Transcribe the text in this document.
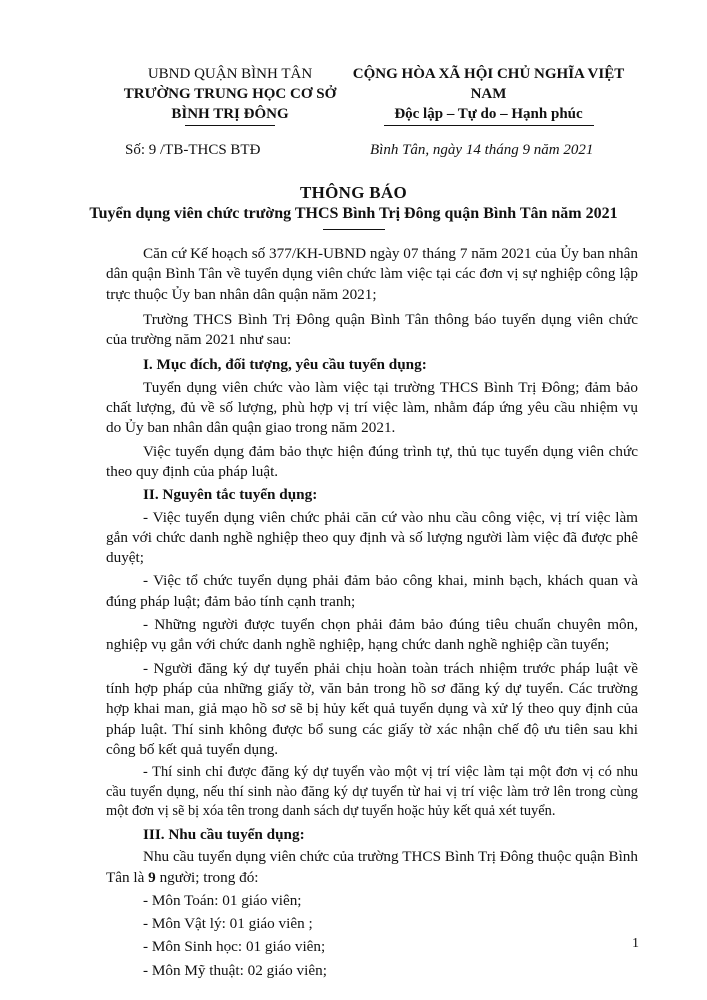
UBND QUẬN BÌNH TÂN
TRƯỜNG TRUNG HỌC CƠ SỞ
BÌNH TRỊ ĐÔNG
CỘNG HÒA XÃ HỘI CHỦ NGHĨA VIỆT NAM
Độc lập – Tự do – Hạnh phúc
Số: 9 /TB-THCS BTĐ	Bình Tân, ngày 14 tháng 9 năm 2021
THÔNG BÁO
Tuyển dụng viên chức trường THCS Bình Trị Đông quận Bình Tân năm 2021

Căn cứ Kế hoạch số 377/KH-UBND ngày 07 tháng 7 năm 2021 của Ủy ban nhân dân quận Bình Tân về tuyển dụng viên chức làm việc tại các đơn vị sự nghiệp công lập trực thuộc Ủy ban nhân dân quận năm 2021;

Trường THCS Bình Trị Đông quận Bình Tân thông báo tuyển dụng viên chức của trường năm 2021 như sau:

I. Mục đích, đối tượng, yêu cầu tuyển dụng:

Tuyển dụng viên chức vào làm việc tại trường THCS Bình Trị Đông; đảm bảo chất lượng, đủ về số lượng, phù hợp vị trí việc làm, nhằm đáp ứng yêu cầu nhiệm vụ do Ủy ban nhân dân quận giao trong năm 2021.

Việc tuyển dụng đảm bảo thực hiện đúng trình tự, thủ tục tuyển dụng viên chức theo quy định của pháp luật.

II. Nguyên tắc tuyển dụng:

- Việc tuyển dụng viên chức phải căn cứ vào nhu cầu công việc, vị trí việc làm gắn với chức danh nghề nghiệp theo quy định và số lượng người làm việc đã được phê duyệt;

- Việc tổ chức tuyển dụng phải đảm bảo công khai, minh bạch, khách quan và đúng pháp luật; đảm bảo tính cạnh tranh;

- Những người được tuyển chọn phải đảm bảo đúng tiêu chuẩn chuyên môn, nghiệp vụ gắn với chức danh nghề nghiệp, hạng chức danh nghề nghiệp cần tuyển;

- Người đăng ký dự tuyển phải chịu hoàn toàn trách nhiệm trước pháp luật về tính hợp pháp của những giấy tờ, văn bản trong hồ sơ đăng ký dự tuyển. Các trường hợp khai man, giả mạo hồ sơ sẽ bị hủy kết quả tuyển dụng và xử lý theo quy định của pháp luật. Thí sinh không được bổ sung các giấy tờ xác nhận chế độ ưu tiên sau khi công bố kết quả tuyển dụng.

- Thí sinh chỉ được đăng ký dự tuyển vào một vị trí việc làm tại một đơn vị có nhu cầu tuyển dụng, nếu thí sinh nào đăng ký dự tuyển từ hai vị trí việc làm trở lên trong cùng một đơn vị sẽ bị xóa tên trong danh sách dự tuyển hoặc hủy kết quả xét tuyển.

III. Nhu cầu tuyển dụng:

Nhu cầu tuyển dụng viên chức của trường THCS Bình Trị Đông thuộc quận Bình Tân là 9 người; trong đó:

- Môn Toán: 01 giáo viên;

- Môn Vật lý: 01 giáo viên ;

- Môn Sinh học: 01 giáo viên;

- Môn Mỹ thuật: 02 giáo viên;

1
